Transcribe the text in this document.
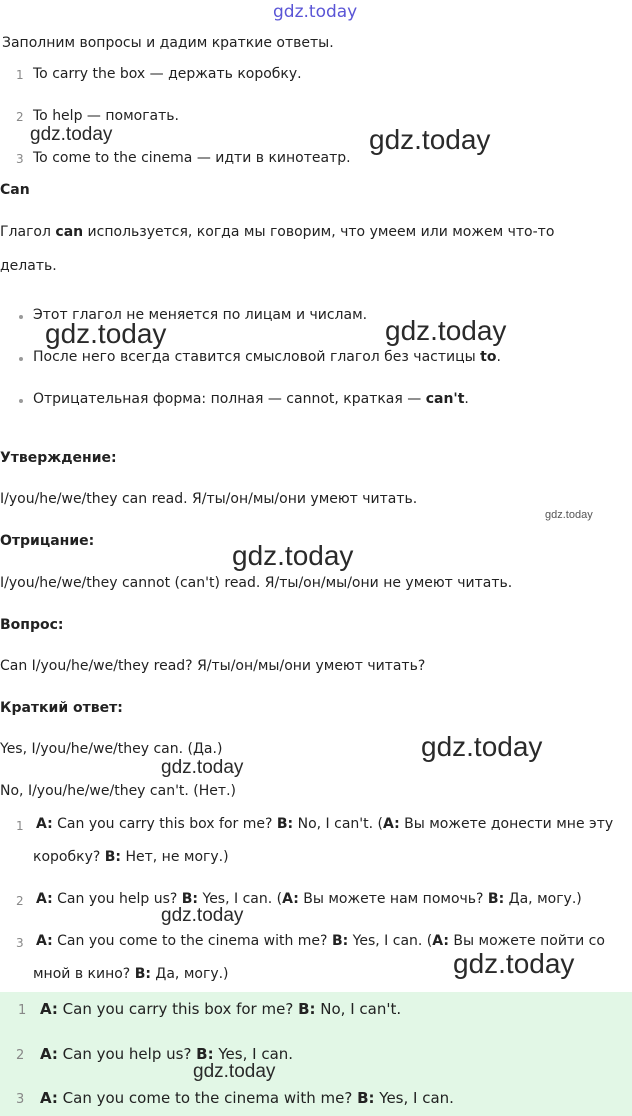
gdz.today
Заполним вопросы и дадим краткие ответы.
1 To carry the box — держать коробку.
2 To help — помогать.
3 To come to the cinema — идти в кинотеатр.
Can
Глагол can используется, когда мы говорим, что умеем или можем что-то
делать.
Этот глагол не меняется по лицам и числам.
После него всегда ставится смысловой глагол без частицы to.
Отрицательная форма: полная — cannot, краткая — can't.
Утверждение:
I/you/he/we/they can read. Я/ты/он/мы/они умеют читать.
Отрицание:
I/you/he/we/they cannot (can't) read. Я/ты/он/мы/они не умеют читать.
Вопрос:
Can I/you/he/we/they read? Я/ты/он/мы/они умеют читать?
Краткий ответ:
Yes, I/you/he/we/they can. (Да.)
No, I/you/he/we/they can't. (Нет.)
1 A: Can you carry this box for me? B: No, I can't. (A: Вы можете донести мне эту
коробку? B: Нет, не могу.)
2 A: Can you help us? B: Yes, I can. (A: Вы можете нам помочь? B: Да, могу.)
3 A: Can you come to the cinema with me? B: Yes, I can. (A: Вы можете пойти со
мной в кино? B: Да, могу.)
1 A: Can you carry this box for me? B: No, I can't.
2 A: Can you help us? B: Yes, I can.
3 A: Can you come to the cinema with me? B: Yes, I can.
gdz.today	gdz.today
gdz.today	gdz.today
gdz.today
gdz.today
gdz.today
gdz.today
gdz.today
gdz.today
gdz.today
